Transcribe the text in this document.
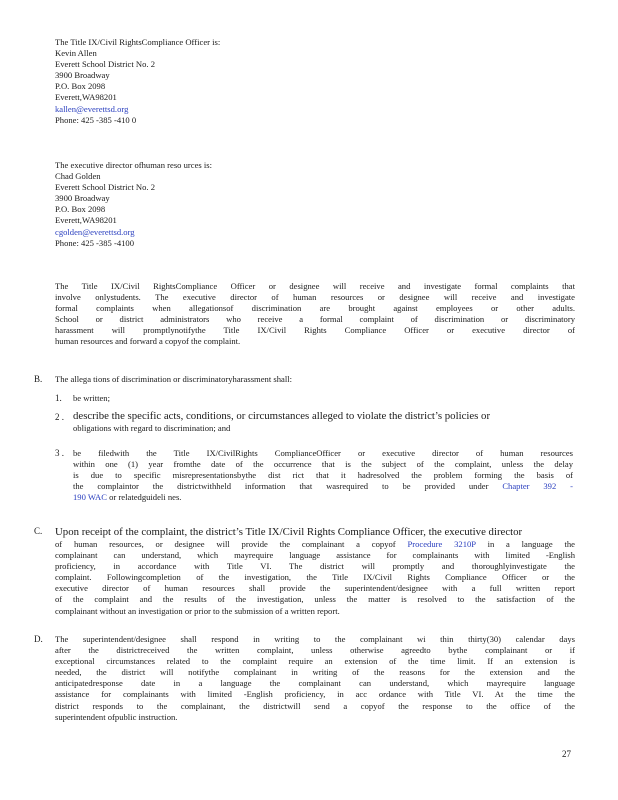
The Title IX/Civil RightsCompliance Officer is:
Kevin Allen
Everett School District No. 2
3900 Broadway
P.O. Box 2098
Everett,WA98201
kallen@everettsd.org
Phone: 425 -385 -410 0
The executive director ofhuman reso urces is:
Chad Golden
Everett School District No. 2
3900 Broadway
P.O. Box 2098
Everett,WA98201
cgolden@everettsd.org
Phone: 425 -385 -4100
The Title IX/Civil RightsCompliance Officer or designee will receive and investigate formal complaints that
involve onlystudents. The executive director of human resources or designee will receive and investigate
formal complaints when allegationsof discrimination are brought against employees or other adults.
School or district administrators who receive a formal complaint of discrimination or discriminatory
harassment will promptlynotifythe Title IX/Civil Rights Compliance Officer or executive director of
human resources and forward a copyof the complaint.
B. The allega tions of discrimination or discriminatoryharassment shall:
1. be written;
2 . describe the specific acts, conditions, or circumstances alleged to violate the district’s policies or
obligations with regard to discrimination; and
3 . be filedwith the Title IX/CivilRights ComplianceOfficer or executive director of human resources
within one (1) year fromthe date of the occurrence that is the subject of the complaint, unless the delay
is due to specific misrepresentationsbythe dist rict that it hadresolved the problem forming the basis of
the complaintor the districtwithheld information that wasrequired to be provided under Chapter 392 -
190 WAC or relatedguideli nes.
C. Upon receipt of the complaint, the district’s Title IX/Civil Rights Compliance Officer, the executive director
of human resources, or designee will provide the complainant a copyof Procedure 3210P in a language the
complainant can understand, which mayrequire language assistance for complainants with limited -English
proficiency, in accordance with Title VI. The district will promptly and thoroughlyinvestigate the
complaint. Followingcompletion of the investigation, the Title IX/Civil Rights Compliance Officer or the
executive director of human resources shall provide the superintendent/designee with a full written report
of the complaint and the results of the investigation, unless the matter is resolved to the satisfaction of the
complainant without an investigation or prior to the submission of a written report.
D. The superintendent/designee shall respond in writing to the complainant wi thin thirty(30) calendar days
after the districtreceived the written complaint, unless otherwise agreedto bythe complainant or if
exceptional circumstances related to the complaint require an extension of the time limit. If an extension is
needed, the district will notifythe complainant in writing of the reasons for the extension and the
anticipatedresponse date in a language the complainant can understand, which mayrequire language
assistance for complainants with limited -English proficiency, in acc ordance with Title VI. At the time the
district responds to the complainant, the districtwill send a copyof the response to the office of the
superintendent ofpublic instruction.
27
